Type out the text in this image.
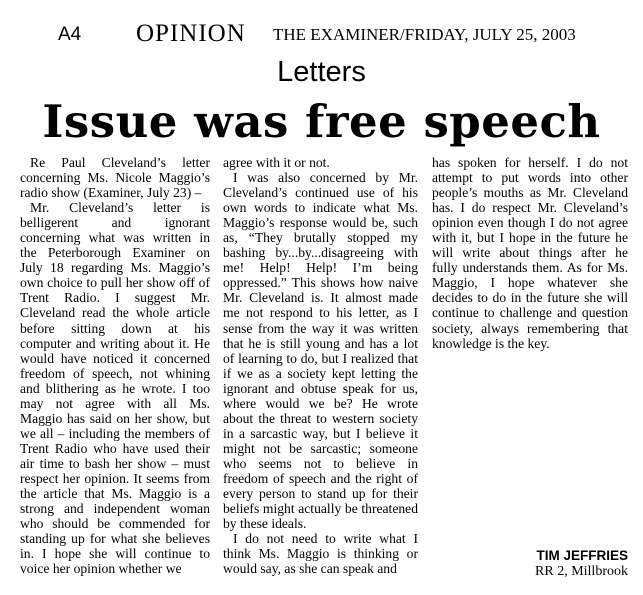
A4 OPINION THE EXAMINER/FRIDAY, JULY 25, 2003
Letters
Issue was free speech

Re Paul Cleveland’s letter concerning Ms. Nicole Maggio’s radio show (Examiner, July 23) –

Mr. Cleveland’s letter is belligerent and ignorant concerning what was written in the Peterborough Examiner on July 18 regarding Ms. Maggio’s own choice to pull her show off of Trent Radio. I suggest Mr. Cleveland read the whole article before sitting down at his computer and writing about it. He would have noticed it concerned freedom of speech, not whining and blithering as he wrote. I too may not agree with all Ms. Maggio has said on her show, but we all – including the members of Trent Radio who have used their air time to bash her show – must respect her opinion. It seems from the article that Ms. Maggio is a strong and independent woman who should be commended for standing up for what she believes in. I hope she will continue to voice her opinion whether we

agree with it or not.

I was also concerned by Mr. Cleveland’s continued use of his own words to indicate what Ms. Maggio’s response would be, such as, “They brutally stopped my bashing by...by...disagreeing with me! Help! Help! I’m being oppressed.” This shows how naive Mr. Cleveland is. It almost made me not respond to his letter, as I sense from the way it was written that he is still young and has a lot of learning to do, but I realized that if we as a society kept letting the ignorant and obtuse speak for us, where would we be? He wrote about the threat to western society in a sarcastic way, but I believe it might not be sarcastic; someone who seems not to believe in freedom of speech and the right of every person to stand up for their beliefs might actually be threatened by these ideals.

I do not need to write what I think Ms. Maggio is thinking or would say, as she can speak and

has spoken for herself. I do not attempt to put words into other people’s mouths as Mr. Cleveland has. I do respect Mr. Cleveland’s opinion even though I do not agree with it, but I hope in the future he will write about things after he fully understands them. As for Ms. Maggio, I hope whatever she decides to do in the future she will continue to challenge and question society, always remembering that knowledge is the key.

TIM JEFFRIES
RR 2, Millbrook
